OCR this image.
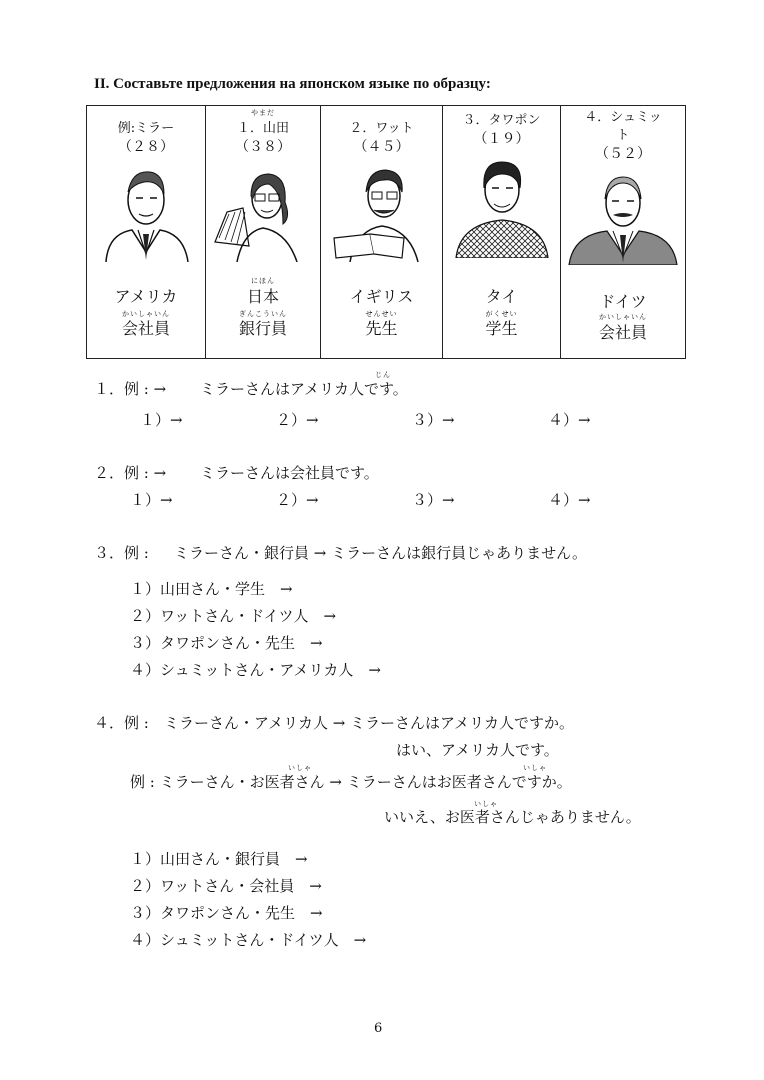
II. Составьте предложения на японском языке по образцу:
例:ミラー
（２８）
アメリカ
かいしゃいん
会社員

やまだ
１．山田
（３８）
にほん
日本
ぎんこういん
銀行員

２．ワット
（４５）
イギリス
せんせい
先生

３．タワポン
（１９）
タイ
がくせい
学生

４．シュミッ
ト
（５２）
ドイツ
かいしゃいん
会社員
じん
１．例 : → ミラーさんはアメリカ人です。
１）→	２）→	３）→	４）→
２．例 : → ミラーさんは会社員です。
１）→	２）→	３）→	４）→
３．例 : ミラーさん・銀行員 → ミラーさんは銀行員じゃありません。
１）山田さん・学生　→
２）ワットさん・ドイツ人　→
３）タワポンさん・先生　→
４）シュミットさん・アメリカ人　→
４．例 : ミラーさん・アメリカ人 → ミラーさんはアメリカ人ですか。
はい、アメリカ人です。
いしゃ	いしゃ
例 : ミラーさん・お医者さん → ミラーさんはお医者さんですか。
いしゃ
いいえ、お医者さんじゃありません。
１）山田さん・銀行員　→
２）ワットさん・会社員　→
３）タワポンさん・先生　→
４）シュミットさん・ドイツ人　→
6
